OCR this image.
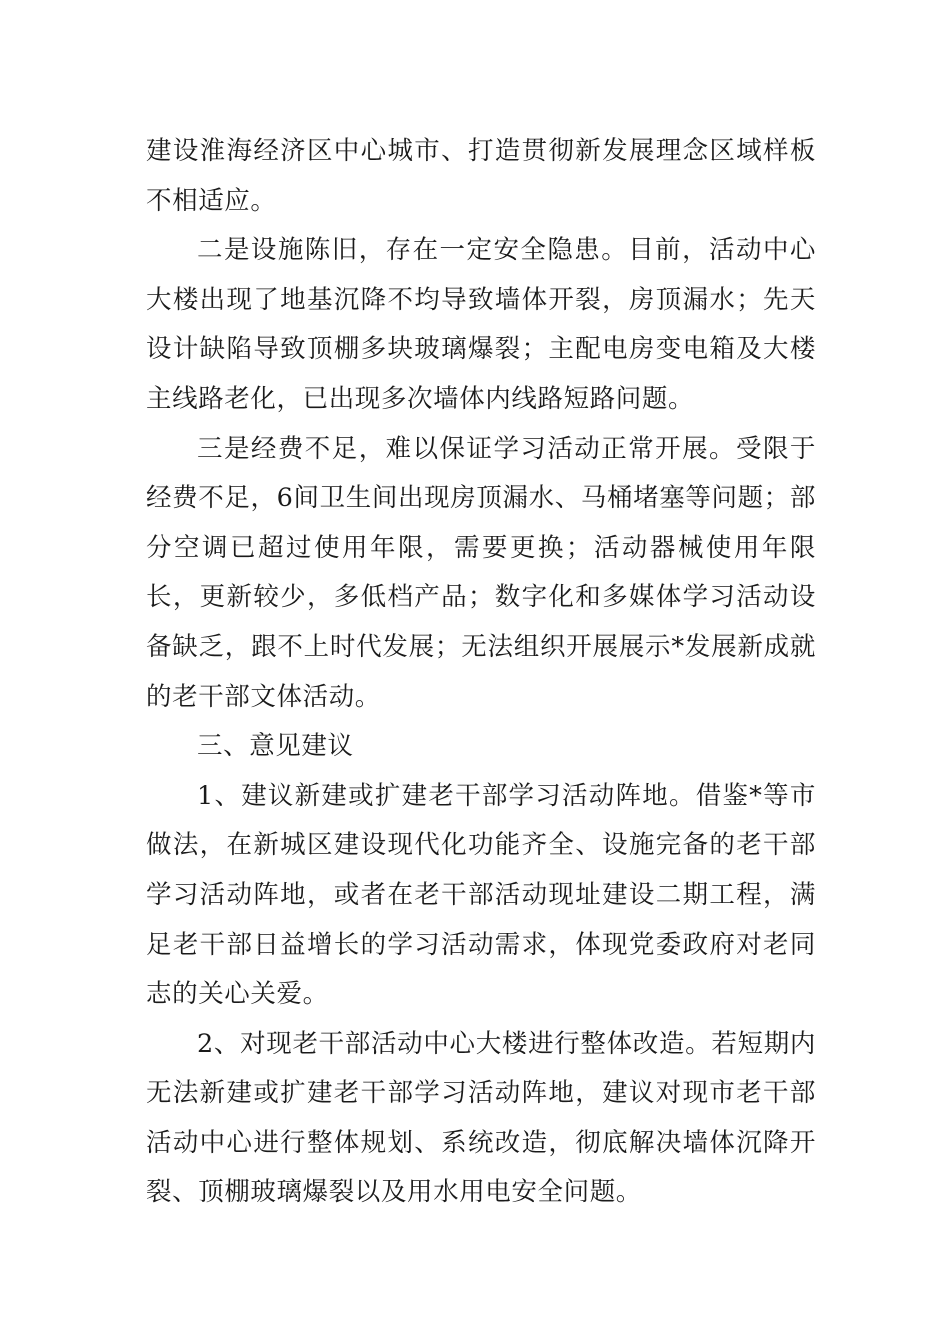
建设淮海经济区中心城市、打造贯彻新发展理念区域样板不相适应。

二是设施陈旧，存在一定安全隐患。目前，活动中心大楼出现了地基沉降不均导致墙体开裂，房顶漏水；先天设计缺陷导致顶棚多块玻璃爆裂；主配电房变电箱及大楼主线路老化，已出现多次墙体内线路短路问题。

三是经费不足，难以保证学习活动正常开展。受限于经费不足，6间卫生间出现房顶漏水、马桶堵塞等问题；部分空调已超过使用年限，需要更换；活动器械使用年限长，更新较少，多低档产品；数字化和多媒体学习活动设备缺乏，跟不上时代发展；无法组织开展展示*发展新成就的老干部文体活动。

三、意见建议

1、建议新建或扩建老干部学习活动阵地。借鉴*等市做法，在新城区建设现代化功能齐全、设施完备的老干部学习活动阵地，或者在老干部活动现址建设二期工程，满足老干部日益增长的学习活动需求，体现党委政府对老同志的关心关爱。

2、对现老干部活动中心大楼进行整体改造。若短期内无法新建或扩建老干部学习活动阵地，建议对现市老干部活动中心进行整体规划、系统改造，彻底解决墙体沉降开裂、顶棚玻璃爆裂以及用水用电安全问题。
